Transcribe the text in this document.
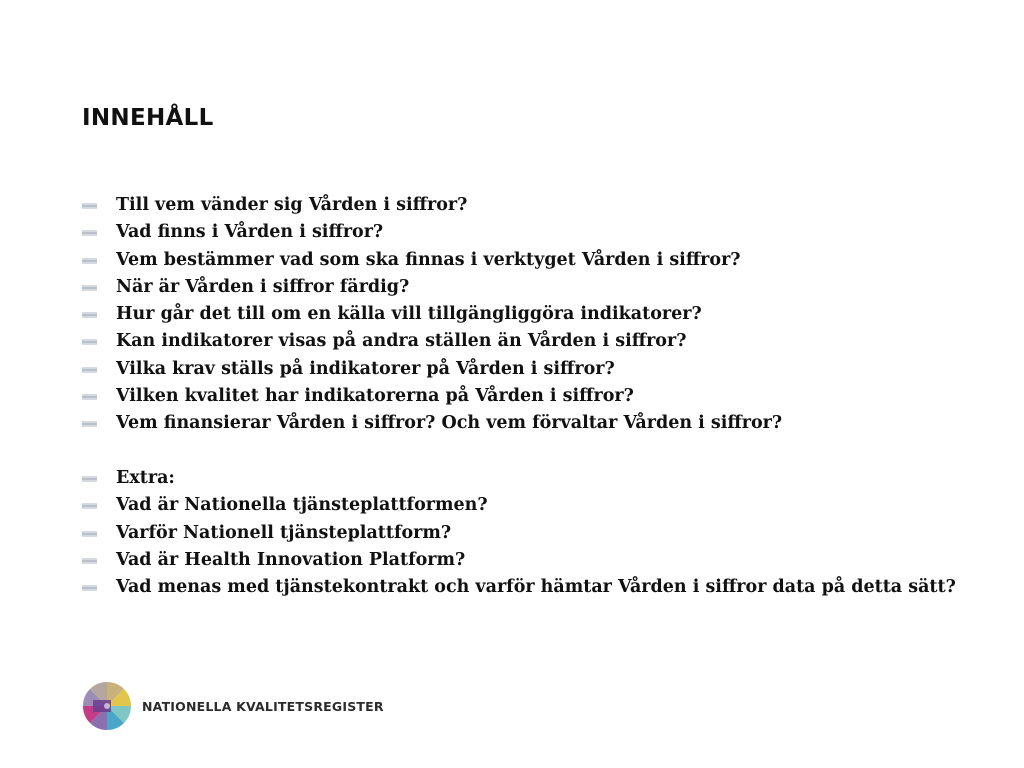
INNEHÅLL
Till vem vänder sig Vården i siffror?
Vad finns i Vården i siffror?
Vem bestämmer vad som ska finnas i verktyget Vården i siffror?
När är Vården i siffror färdig?
Hur går det till om en källa vill tillgängliggöra indikatorer?
Kan indikatorer visas på andra ställen än Vården i siffror?
Vilka krav ställs på indikatorer på Vården i siffror?
Vilken kvalitet har indikatorerna på Vården i siffror?
Vem finansierar Vården i siffror? Och vem förvaltar Vården i siffror?
Extra:
Vad är Nationella tjänsteplattformen?
Varför Nationell tjänsteplattform?
Vad är Health Innovation Platform?
Vad menas med tjänstekontrakt och varför hämtar Vården i siffror data på detta sätt?
NATIONELLA KVALITETSREGISTER
